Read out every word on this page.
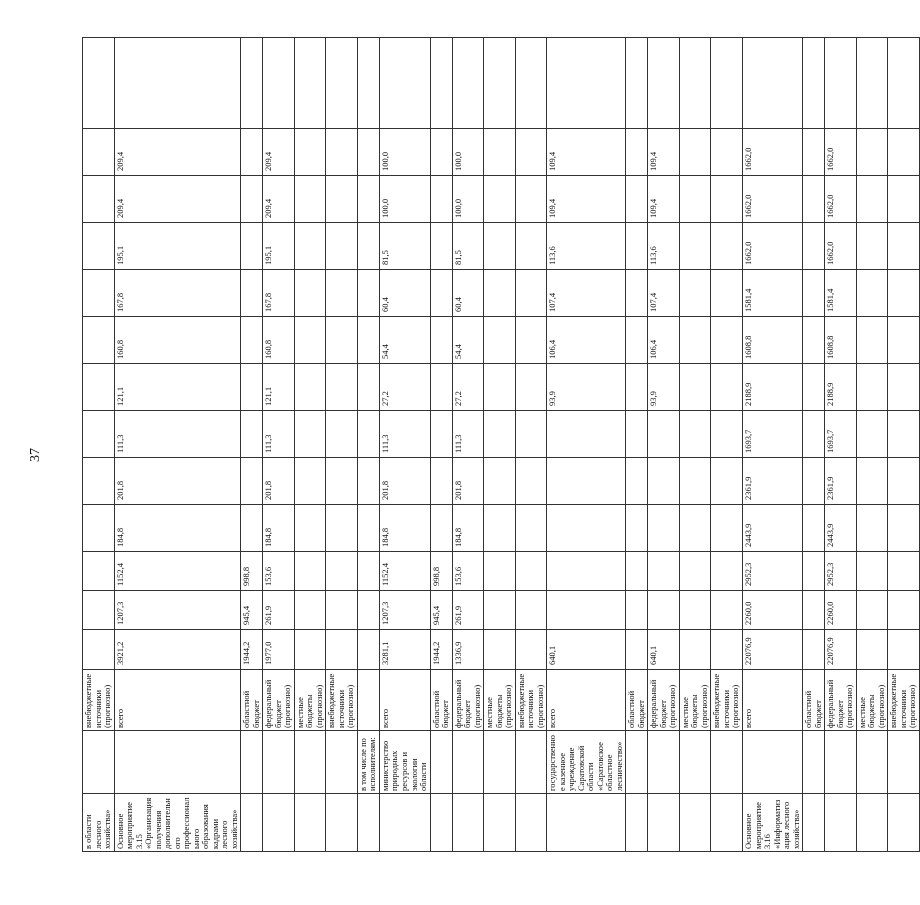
37
в области лесного хозяйства»		внебюджетные источники (прогнозно)													
Основное мероприятие 3.15 «Организация получения дополнительного профессионального образования кадрами лесного хозяйства»		всего	3921,2	1207,3	1152,4	184,8	201,8	111,3	121,1	160,8	167,8	195,1	209,4	209,4	
		областной бюджет	1944,2	945,4	998,8										
		федеральный бюджет (прогнозно)	1977,0	261,9	153,6	184,8	201,8	111,3	121,1	160,8	167,8	195,1	209,4	209,4	
		местные бюджеты (прогнозно)													
		внебюджетные источники (прогнозно)													
	в том числе по исполнителям:														
	министерство природных ресурсов и экологии области	всего	3281,1	1207,3	1152,4	184,8	201,8	111,3	27,2	54,4	60,4	81,5	100,0	100,0	
		областной бюджет	1944,2	945,4	998,8										
		федеральный бюджет (прогнозно)	1336,9	261,9	153,6	184,8	201,8	111,3	27,2	54,4	60,4	81,5	100,0	100,0	
		местные бюджеты (прогнозно)													
		внебюджетные источники (прогнозно)													
	государственное казенное учреждение Саратовской области «Саратовское областное лесничество»	всего	640,1						93,9	106,4	107,4	113,6	109,4	109,4	
		областной бюджет													
		федеральный бюджет (прогнозно)	640,1						93,9	106,4	107,4	113,6	109,4	109,4	
		местные бюджеты (прогнозно)													
		внебюджетные источники (прогнозно)													
Основное мероприятие 3.16 «Информатизация лесного хозяйства»		всего	22076,9	2260,0	2952,3	2443,9	2361,9	1693,7	2188,9	1608,8	1581,4	1662,0	1662,0	1662,0	
		областной бюджет													
		федеральный бюджет (прогнозно)	22076,9	2260,0	2952,3	2443,9	2361,9	1693,7	2188,9	1608,8	1581,4	1662,0	1662,0	1662,0	
		местные бюджеты (прогнозно)													
		внебюджетные источники (прогнозно)													
